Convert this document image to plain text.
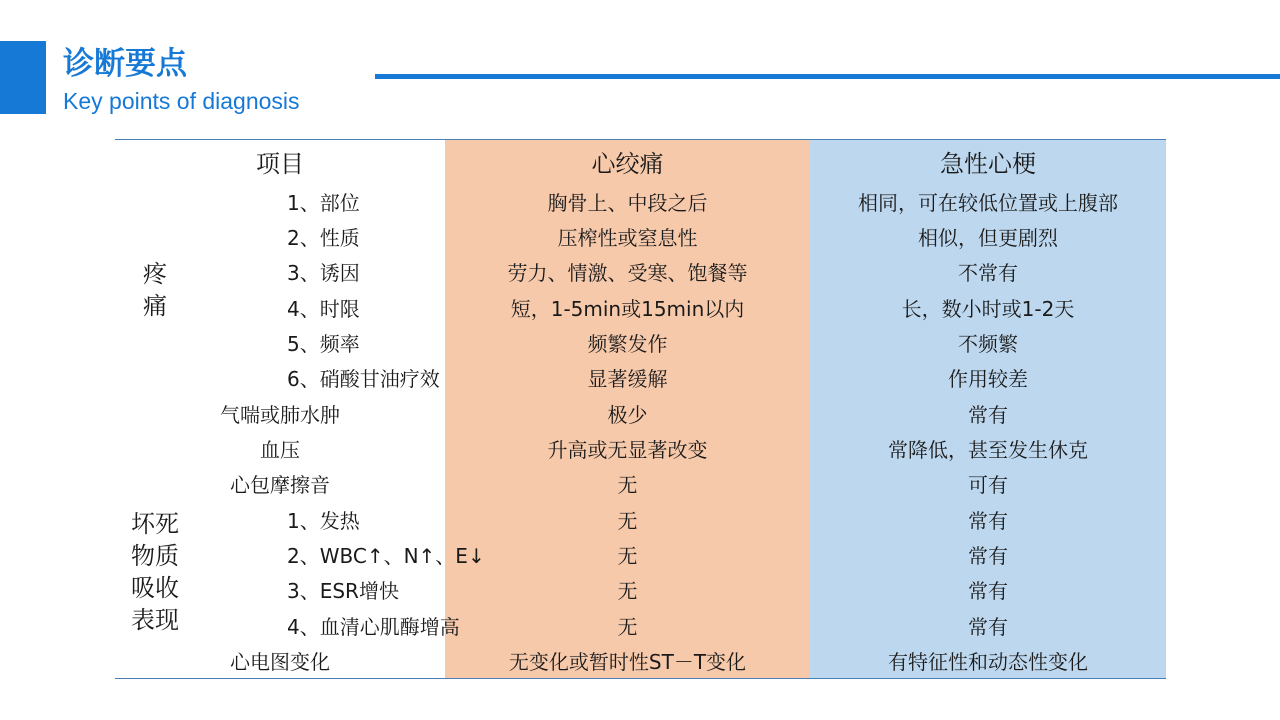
诊断要点
Key points of diagnosis
项目		心绞痛	急性心梗

疼
痛	1、部位	胸骨上、中段之后	相同，可在较低位置或上腹部
	2、性质	压榨性或窒息性	相似，但更剧烈
	3、诱因	劳力、情激、受寒、饱餐等	不常有
	4、时限	短，1-5min或15min以内	长，数小时或1-2天
	5、频率	频繁发作	不频繁
	6、硝酸甘油疗效	显著缓解	作用较差
气喘或肺水肿		极少	常有
血压		升高或无显著改变	常降低，甚至发生休克
心包摩擦音		无	可有

坏死
物质
吸收
表现	1、发热	无	常有
	2、WBC↑、N↑、E↓	无	常有
	3、ESR增快	无	常有
	4、血清心肌酶增高	无	常有
心电图变化		无变化或暂时性ST－T变化	有特征性和动态性变化
